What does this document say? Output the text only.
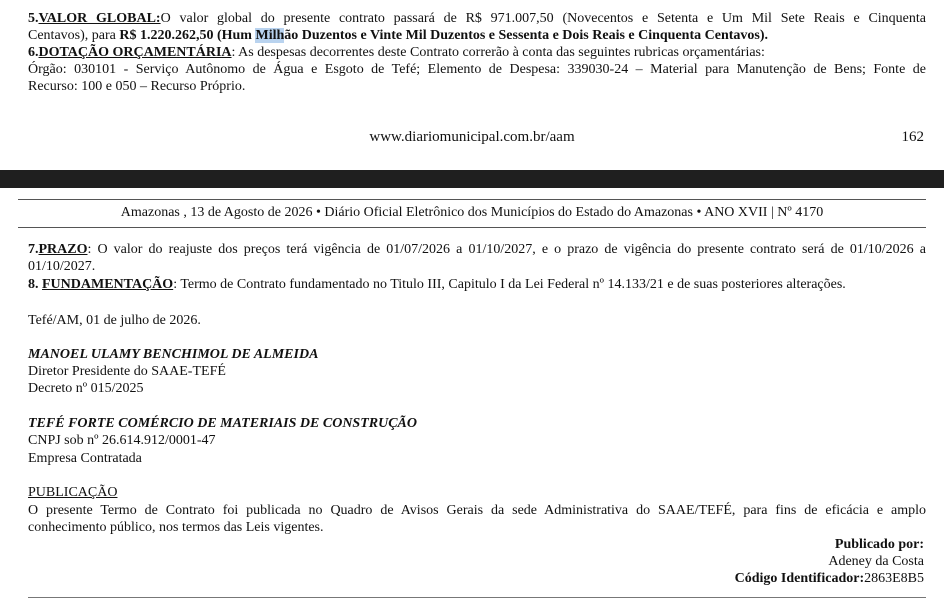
5.VALOR GLOBAL:O valor global do presente contrato passará de R$ 971.007,50 (Novecentos e Setenta e Um Mil Sete Reais e Cinquenta
Centavos), para R$ 1.220.262,50 (Hum Milhão Duzentos e Vinte Mil Duzentos e Sessenta e Dois Reais e Cinquenta Centavos).
6.DOTAÇÃO ORÇAMENTÁRIA: As despesas decorrentes deste Contrato correrão à conta das seguintes rubricas orçamentárias:
Órgão: 030101 - Serviço Autônomo de Água e Esgoto de Tefé; Elemento de Despesa: 339030-24 – Material para Manutenção de Bens; Fonte de
Recurso: 100 e 050 – Recurso Próprio.
www.diariomunicipal.com.br/aam	162
Amazonas , 13 de Agosto de 2026 • Diário Oficial Eletrônico dos Municípios do Estado do Amazonas • ANO XVII | Nº 4170
7.PRAZO: O valor do reajuste dos preços terá vigência de 01/07/2026 a 01/10/2027, e o prazo de vigência do presente contrato será de 01/10/2026 a
01/10/2027.
8. FUNDAMENTAÇÃO: Termo de Contrato fundamentado no Titulo III, Capitulo I da Lei Federal nº 14.133/21 e de suas posteriores alterações.
Tefé/AM, 01 de julho de 2026.
MANOEL ULAMY BENCHIMOL DE ALMEIDA
Diretor Presidente do SAAE-TEFÉ
Decreto nº 015/2025
TEFÉ FORTE COMÉRCIO DE MATERIAIS DE CONSTRUÇÃO
CNPJ sob nº 26.614.912/0001-47
Empresa Contratada
PUBLICAÇÃO
O presente Termo de Contrato foi publicada no Quadro de Avisos Gerais da sede Administrativa do SAAE/TEFÉ, para fins de eficácia e amplo
conhecimento público, nos termos das Leis vigentes.
Publicado por:
Adeney da Costa
Código Identificador:2863E8B5
